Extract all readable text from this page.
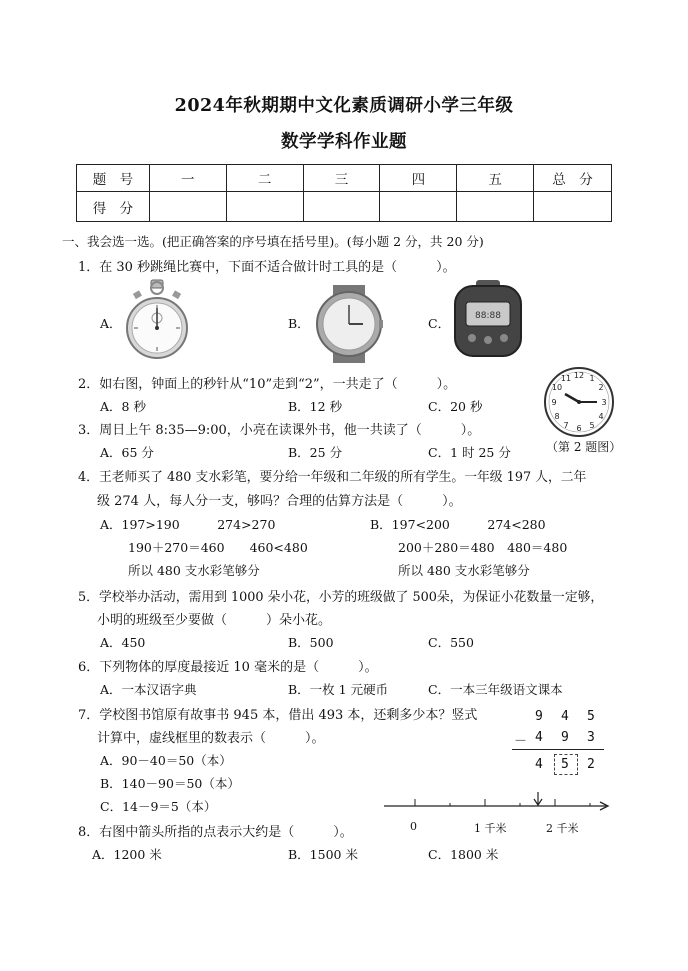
2024年秋期期中文化素质调研小学三年级
数学学科作业题
题　号	一	二	三	四	五	总　分
得　分						
一、我会选一选。(把正确答案的序号填在括号里)。(每小题 2 分，共 20 分)
1．在 30 秒跳绳比赛中，下面不适合做计时工具的是（　　　）。
A．	B．	C．	88:88
2．如右图，钟面上的秒针从“10”走到“2”，一共走了（　　　）。
A．8 秒	B．12 秒	C．20 秒
12 1
2
3
4
5
6
7
8
9
10
11
（第 2 题图）
3．周日上午 8:35—9:00，小亮在读课外书，他一共读了（　　　）。
A．65 分	B．25 分	C．1 时 25 分
4．王老师买了 480 支水彩笔，要分给一年级和二年级的所有学生。一年级 197 人，二年
级 274 人，每人分一支，够吗？合理的估算方法是（　　　）。
A．197>190　　　274>270
190＋270＝460　　460<480
所以 480 支水彩笔够分
B．197<200　　　274<280
200＋280＝480　480＝480
所以 480 支水彩笔够分
5．学校举办活动，需用到 1000 朵小花，小芳的班级做了 500朵，为保证小花数量一定够，
小明的班级至少要做（　　　）朵小花。
A．450	B．500	C．550
6．下列物体的厚度最接近 10 毫米的是（　　　）。
A．一本汉语字典	B．一枚 1 元硬币	C．一本三年级语文课本
7．学校图书馆原有故事书 945 本，借出 493 本，还剩多少本？竖式
计算中，虚线框里的数表示（　　　）。
A．90－40＝50（本）
B．140－90＝50（本）
C．14－9＝5（本）
9 4 5
－ 4 9 3
4 5 2
0	1 千米	2 千米
8．右图中箭头所指的点表示大约是（　　　）。
A．1200 米	B．1500 米	C．1800 米
